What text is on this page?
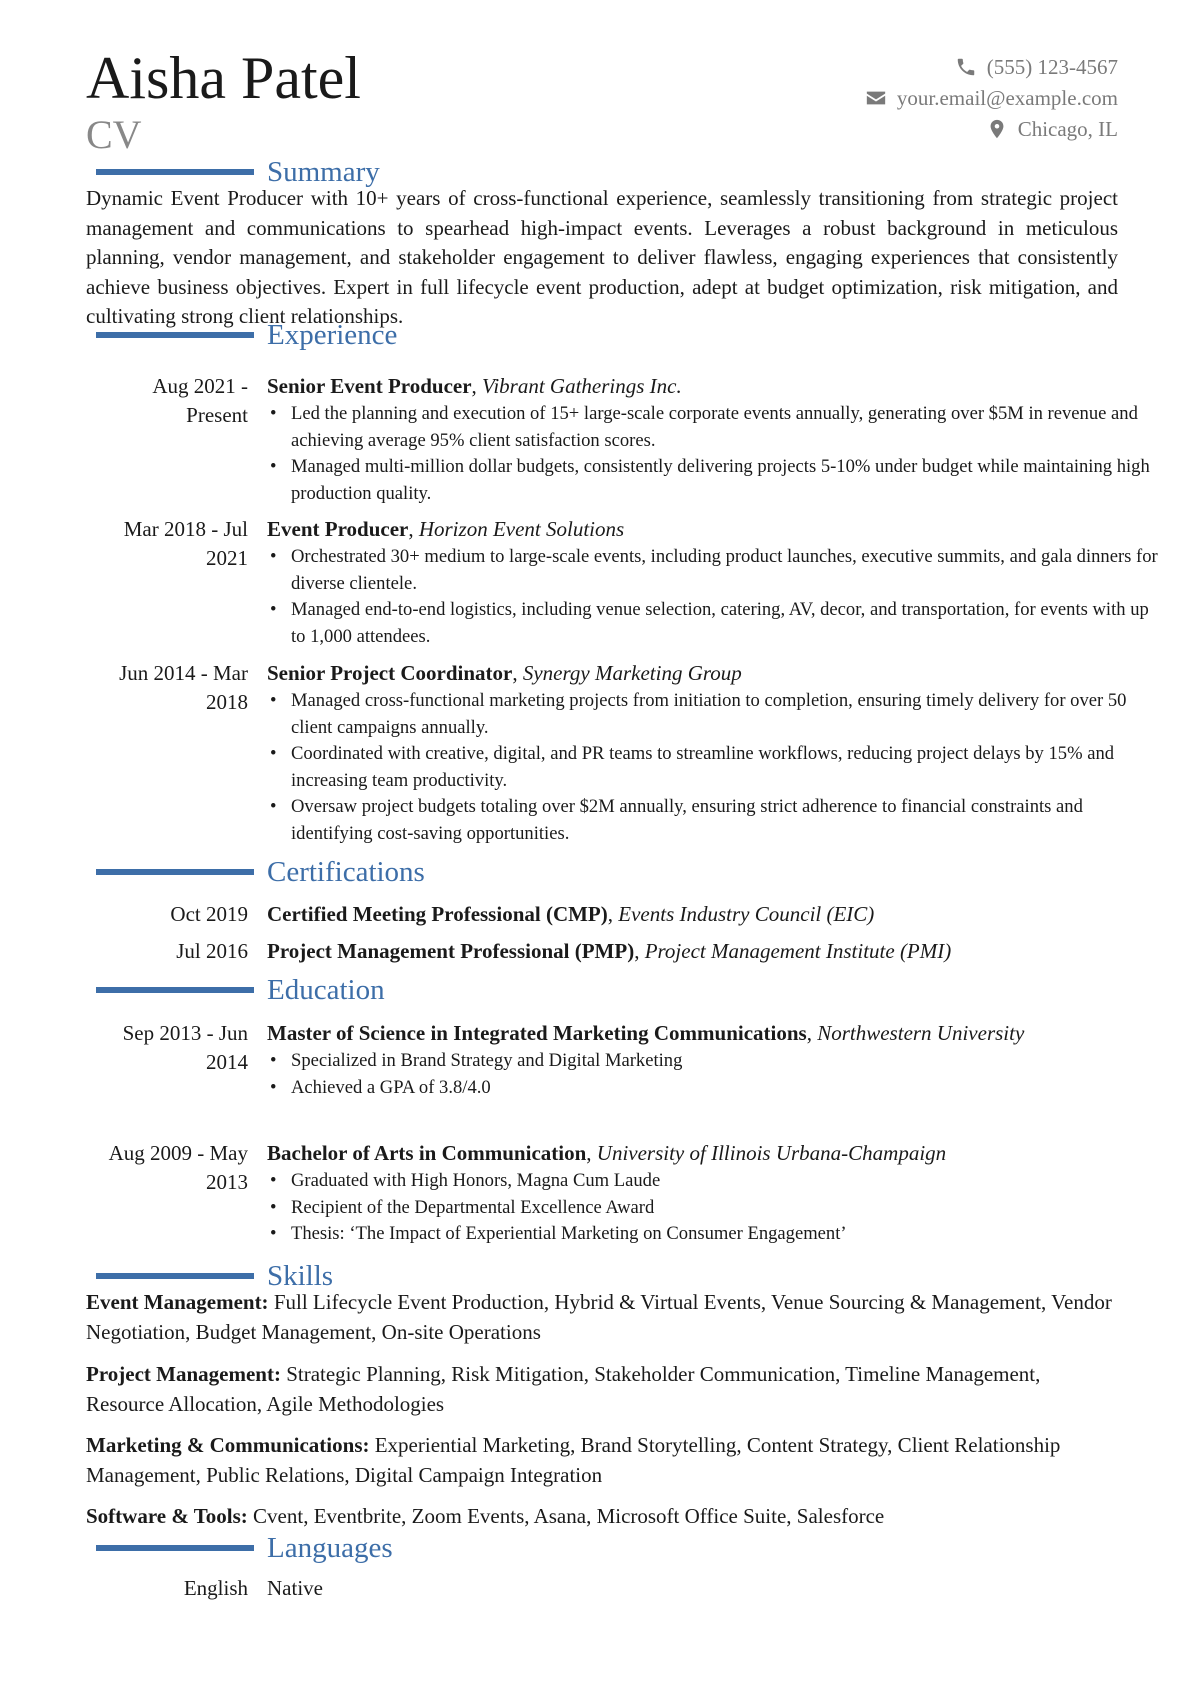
Aisha Patel
CV
(555) 123-4567
your.email@example.com
Chicago, IL
Summary
Dynamic Event Producer with 10+ years of cross-functional experience, seamlessly transitioning from strategic project management and communications to spearhead high-impact events. Leverages a robust background in meticulous planning, vendor management, and stakeholder engagement to deliver flawless, engaging experiences that consistently achieve business objectives. Expert in full lifecycle event production, adept at budget optimization, risk mitigation, and cultivating strong client relationships.
Experience
Aug 2021 - Present
Senior Event Producer, Vibrant Gatherings Inc.
• Led the planning and execution of 15+ large-scale corporate events annually, generating over $5M in revenue and achieving average 95% client satisfaction scores.
• Managed multi-million dollar budgets, consistently delivering projects 5-10% under budget while maintaining high production quality.
Mar 2018 - Jul 2021
Event Producer, Horizon Event Solutions
• Orchestrated 30+ medium to large-scale events, including product launches, executive summits, and gala dinners for diverse clientele.
• Managed end-to-end logistics, including venue selection, catering, AV, decor, and transportation, for events with up to 1,000 attendees.
Jun 2014 - Mar 2018
Senior Project Coordinator, Synergy Marketing Group
• Managed cross-functional marketing projects from initiation to completion, ensuring timely delivery for over 50 client campaigns annually.
• Coordinated with creative, digital, and PR teams to streamline workflows, reducing project delays by 15% and increasing team productivity.
• Oversaw project budgets totaling over $2M annually, ensuring strict adherence to financial constraints and identifying cost-saving opportunities.
Certifications
Oct 2019 Certified Meeting Professional (CMP), Events Industry Council (EIC)
Jul 2016 Project Management Professional (PMP), Project Management Institute (PMI)
Education
Sep 2013 - Jun 2014
Master of Science in Integrated Marketing Communications, Northwestern University
• Specialized in Brand Strategy and Digital Marketing
• Achieved a GPA of 3.8/4.0
Aug 2009 - May 2013
Bachelor of Arts in Communication, University of Illinois Urbana-Champaign
• Graduated with High Honors, Magna Cum Laude
• Recipient of the Departmental Excellence Award
• Thesis: ‘The Impact of Experiential Marketing on Consumer Engagement’
Skills
Event Management: Full Lifecycle Event Production, Hybrid & Virtual Events, Venue Sourcing & Management, Vendor Negotiation, Budget Management, On-site Operations
Project Management: Strategic Planning, Risk Mitigation, Stakeholder Communication, Timeline Management, Resource Allocation, Agile Methodologies
Marketing & Communications: Experiential Marketing, Brand Storytelling, Content Strategy, Client Relationship Management, Public Relations, Digital Campaign Integration
Software & Tools: Cvent, Eventbrite, Zoom Events, Asana, Microsoft Office Suite, Salesforce
Languages
English Native
